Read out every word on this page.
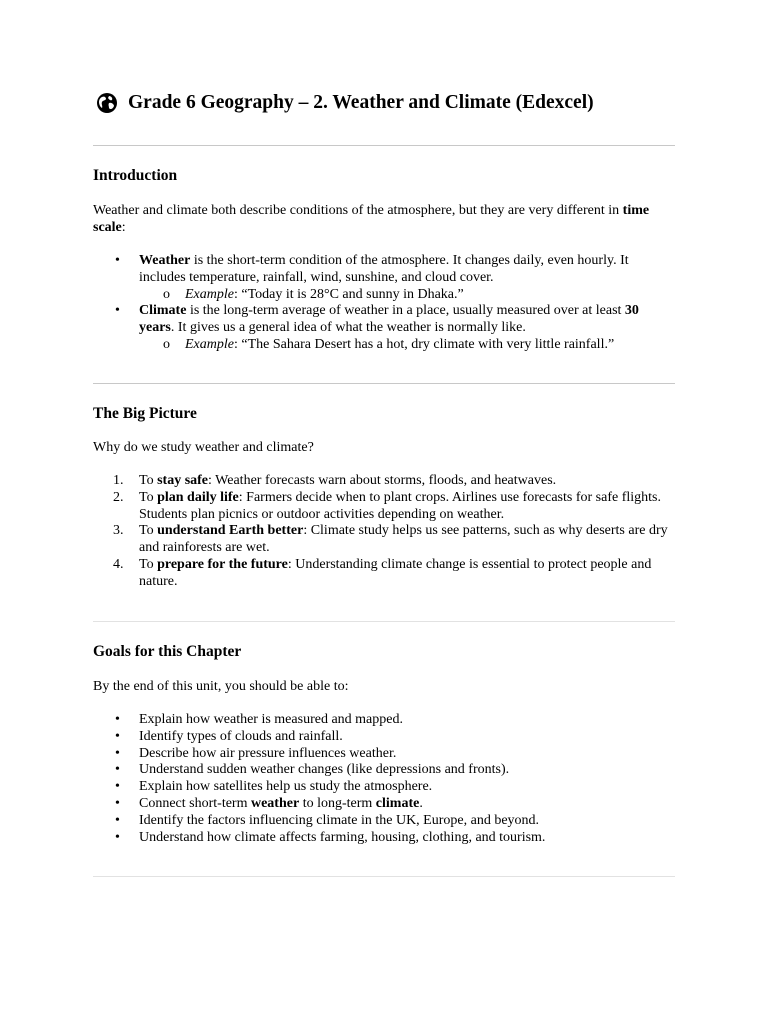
Grade 6 Geography – 2. Weather and Climate (Edexcel)
Introduction

Weather and climate both describe conditions of the atmosphere, but they are very different in time scale:

• Weather is the short-term condition of the atmosphere. It changes daily, even hourly. It includes temperature, rainfall, wind, sunshine, and cloud cover.
o Example: “Today it is 28°C and sunny in Dhaka.”
• Climate is the long-term average of weather in a place, usually measured over at least 30 years. It gives us a general idea of what the weather is normally like.
o Example: “The Sahara Desert has a hot, dry climate with very little rainfall.”
The Big Picture
Why do we study weather and climate?
1. To stay safe: Weather forecasts warn about storms, floods, and heatwaves.
2. To plan daily life: Farmers decide when to plant crops. Airlines use forecasts for safe flights. Students plan picnics or outdoor activities depending on weather.
3. To understand Earth better: Climate study helps us see patterns, such as why deserts are dry and rainforests are wet.
4. To prepare for the future: Understanding climate change is essential to protect people and nature.
Goals for this Chapter
By the end of this unit, you should be able to:
• Explain how weather is measured and mapped.
• Identify types of clouds and rainfall.
• Describe how air pressure influences weather.
• Understand sudden weather changes (like depressions and fronts).
• Explain how satellites help us study the atmosphere.
• Connect short-term weather to long-term climate.
• Identify the factors influencing climate in the UK, Europe, and beyond.
• Understand how climate affects farming, housing, clothing, and tourism.
